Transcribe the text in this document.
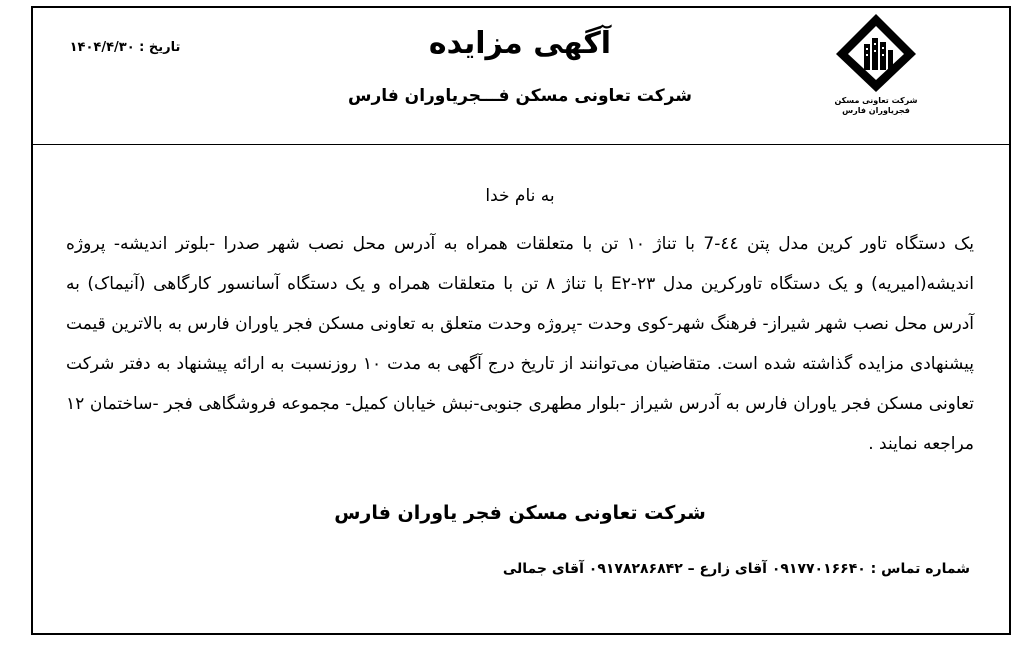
شرکت تعاونی مسکن
فجریاوران فارس
آگهی مزایده
شرکت تعاونی مسکن فـــجریاوران فارس
تاریخ : ۱۴۰۴/۴/۳۰
به نام خدا

یک دستگاه تاور کرین مدل پتن ٤٤-7 با تناژ ۱۰ تن با متعلقات همراه به آدرس محل نصب شهر صدرا -بلوتر اندیشه- پروژه اندیشه(امیریه) و یک دستگاه تاورکرین مدل ۲۳-E۲ با تناژ ۸ تن با متعلقات همراه و یک دستگاه آسانسور کارگاهی (آنیماک) به آدرس محل نصب شهر شیراز- فرهنگ شهر-کوی وحدت -پروژه وحدت متعلق به تعاونی مسکن فجر یاوران فارس به بالاترین قیمت پیشنهادی مزایده گذاشته شده است. متقاضیان می‌توانند از تاریخ درج آگهی به مدت ۱۰ روزنسبت به ارائه پیشنهاد به دفتر شرکت تعاونی مسکن فجر یاوران فارس به آدرس شیراز -بلوار مطهری جنوبی-نبش خیابان کمیل- مجموعه فروشگاهی فجر -ساختمان ۱۲ مراجعه نمایند .

شرکت تعاونی مسکن فجر یاوران فارس
شماره تماس : ۰۹۱۷۷۰۱۶۶۴۰ آقای زارع – ۰۹۱۷۸۲۸۶۸۴۲ آقای جمالی
